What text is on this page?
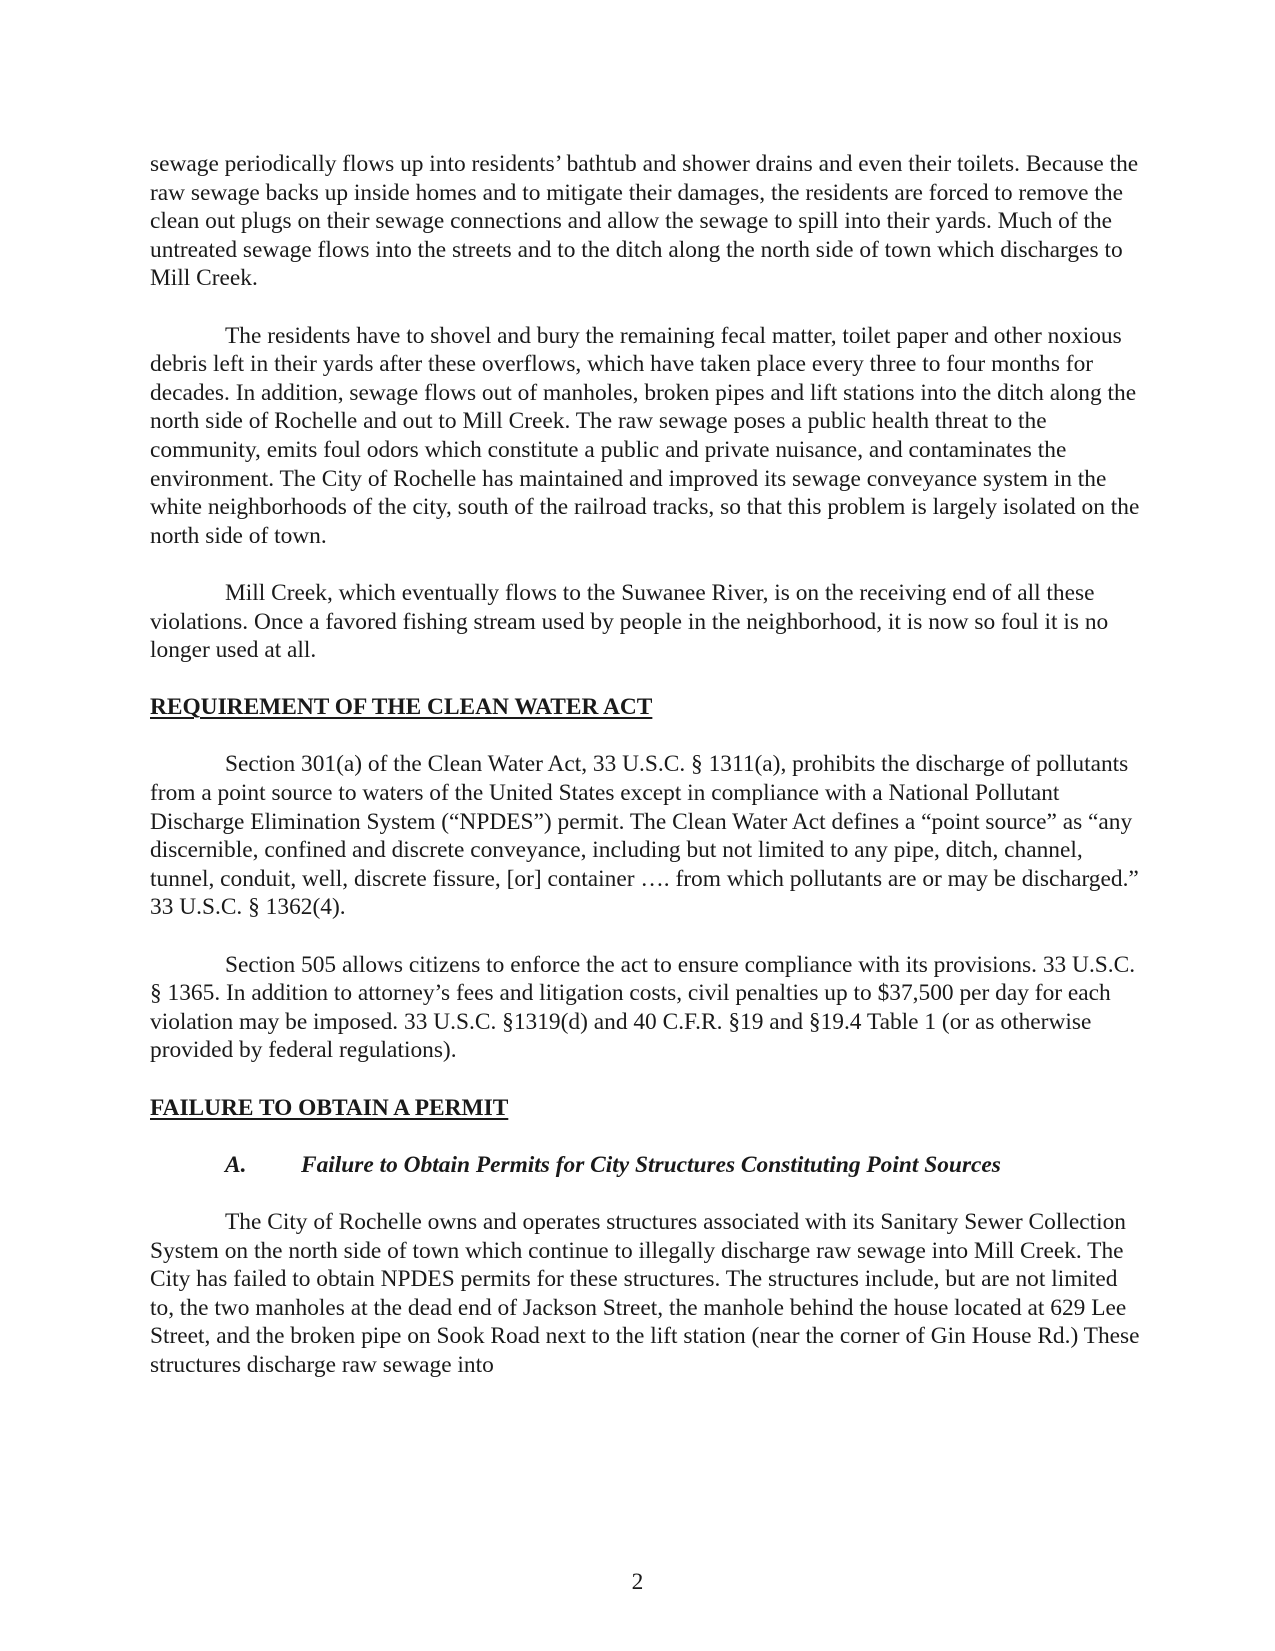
sewage periodically flows up into residents’ bathtub and shower drains and even their toilets. Because the raw sewage backs up inside homes and to mitigate their damages, the residents are forced to remove the clean out plugs on their sewage connections and allow the sewage to spill into their yards. Much of the untreated sewage flows into the streets and to the ditch along the north side of town which discharges to Mill Creek.

The residents have to shovel and bury the remaining fecal matter, toilet paper and other noxious debris left in their yards after these overflows, which have taken place every three to four months for decades. In addition, sewage flows out of manholes, broken pipes and lift stations into the ditch along the north side of Rochelle and out to Mill Creek. The raw sewage poses a public health threat to the community, emits foul odors which constitute a public and private nuisance, and contaminates the environment. The City of Rochelle has maintained and improved its sewage conveyance system in the white neighborhoods of the city, south of the railroad tracks, so that this problem is largely isolated on the north side of town.

Mill Creek, which eventually flows to the Suwanee River, is on the receiving end of all these violations. Once a favored fishing stream used by people in the neighborhood, it is now so foul it is no longer used at all.

REQUIREMENT OF THE CLEAN WATER ACT

Section 301(a) of the Clean Water Act, 33 U.S.C. § 1311(a), prohibits the discharge of pollutants from a point source to waters of the United States except in compliance with a National Pollutant Discharge Elimination System (“NPDES”) permit. The Clean Water Act defines a “point source” as “any discernible, confined and discrete conveyance, including but not limited to any pipe, ditch, channel, tunnel, conduit, well, discrete fissure, [or] container …. from which pollutants are or may be discharged.” 33 U.S.C. § 1362(4).

Section 505 allows citizens to enforce the act to ensure compliance with its provisions. 33 U.S.C. § 1365. In addition to attorney’s fees and litigation costs, civil penalties up to $37,500 per day for each violation may be imposed. 33 U.S.C. §1319(d) and 40 C.F.R. §19 and §19.4 Table 1 (or as otherwise provided by federal regulations).

FAILURE TO OBTAIN A PERMIT
A. Failure to Obtain Permits for City Structures Constituting Point Sources

The City of Rochelle owns and operates structures associated with its Sanitary Sewer Collection System on the north side of town which continue to illegally discharge raw sewage into Mill Creek. The City has failed to obtain NPDES permits for these structures. The structures include, but are not limited to, the two manholes at the dead end of Jackson Street, the manhole behind the house located at 629 Lee Street, and the broken pipe on Sook Road next to the lift station (near the corner of Gin House Rd.) These structures discharge raw sewage into

2
